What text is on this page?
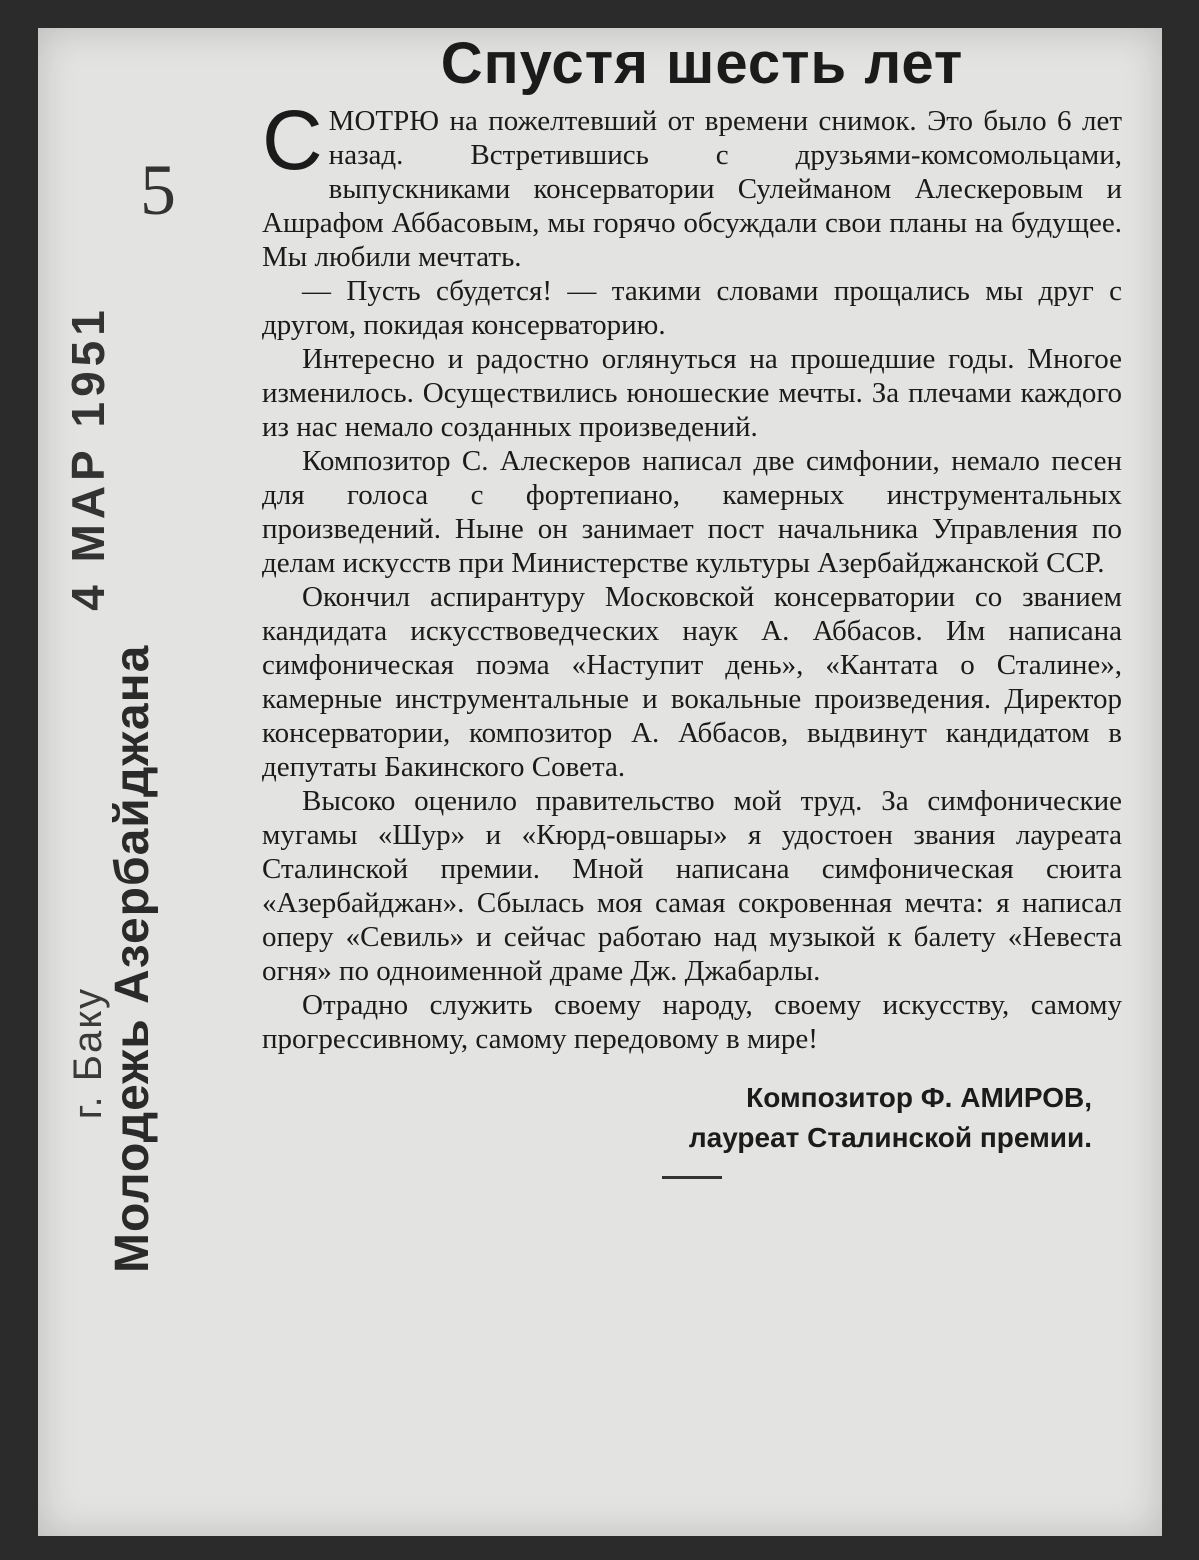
5
4 МАР 1951
Молодежь Азербайджана
г. Баку
Спустя шесть лет

СМОТРЮ на пожелтевший от времени снимок. Это было 6 лет назад. Встретившись с друзьями-комсомольцами, выпускниками консерватории Сулейманом Алескеровым и Ашрафом Аббасовым, мы горячо обсуждали свои планы на будущее. Мы любили мечтать.

— Пусть сбудется! — такими словами прощались мы друг с другом, покидая консерваторию.

Интересно и радостно оглянуться на прошедшие годы. Многое изменилось. Осуществились юношеские мечты. За плечами каждого из нас немало созданных произведений.

Композитор С. Алескеров написал две симфонии, немало песен для голоса с фортепиано, камерных инструментальных произведений. Ныне он занимает пост начальника Управления по делам искусств при Министерстве культуры Азербайджанской ССР.

Окончил аспирантуру Московской консерватории со званием кандидата искусствоведческих наук А. Аббасов. Им написана симфоническая поэма «Наступит день», «Кантата о Сталине», камерные инструментальные и вокальные произведения. Директор консерватории, композитор А. Аббасов, выдвинут кандидатом в депутаты Бакинского Совета.

Высоко оценило правительство мой труд. За симфонические мугамы «Шур» и «Кюрд-овшары» я удостоен звания лауреата Сталинской премии. Мной написана симфоническая сюита «Азербайджан». Сбылась моя самая сокровенная мечта: я написал оперу «Севиль» и сейчас работаю над музыкой к балету «Невеста огня» по одноименной драме Дж. Джабарлы.

Отрадно служить своему народу, своему искусству, самому прогрессивному, самому передовому в мире!

Композитор Ф. АМИРОВ,
лауреат Сталинской премии.
